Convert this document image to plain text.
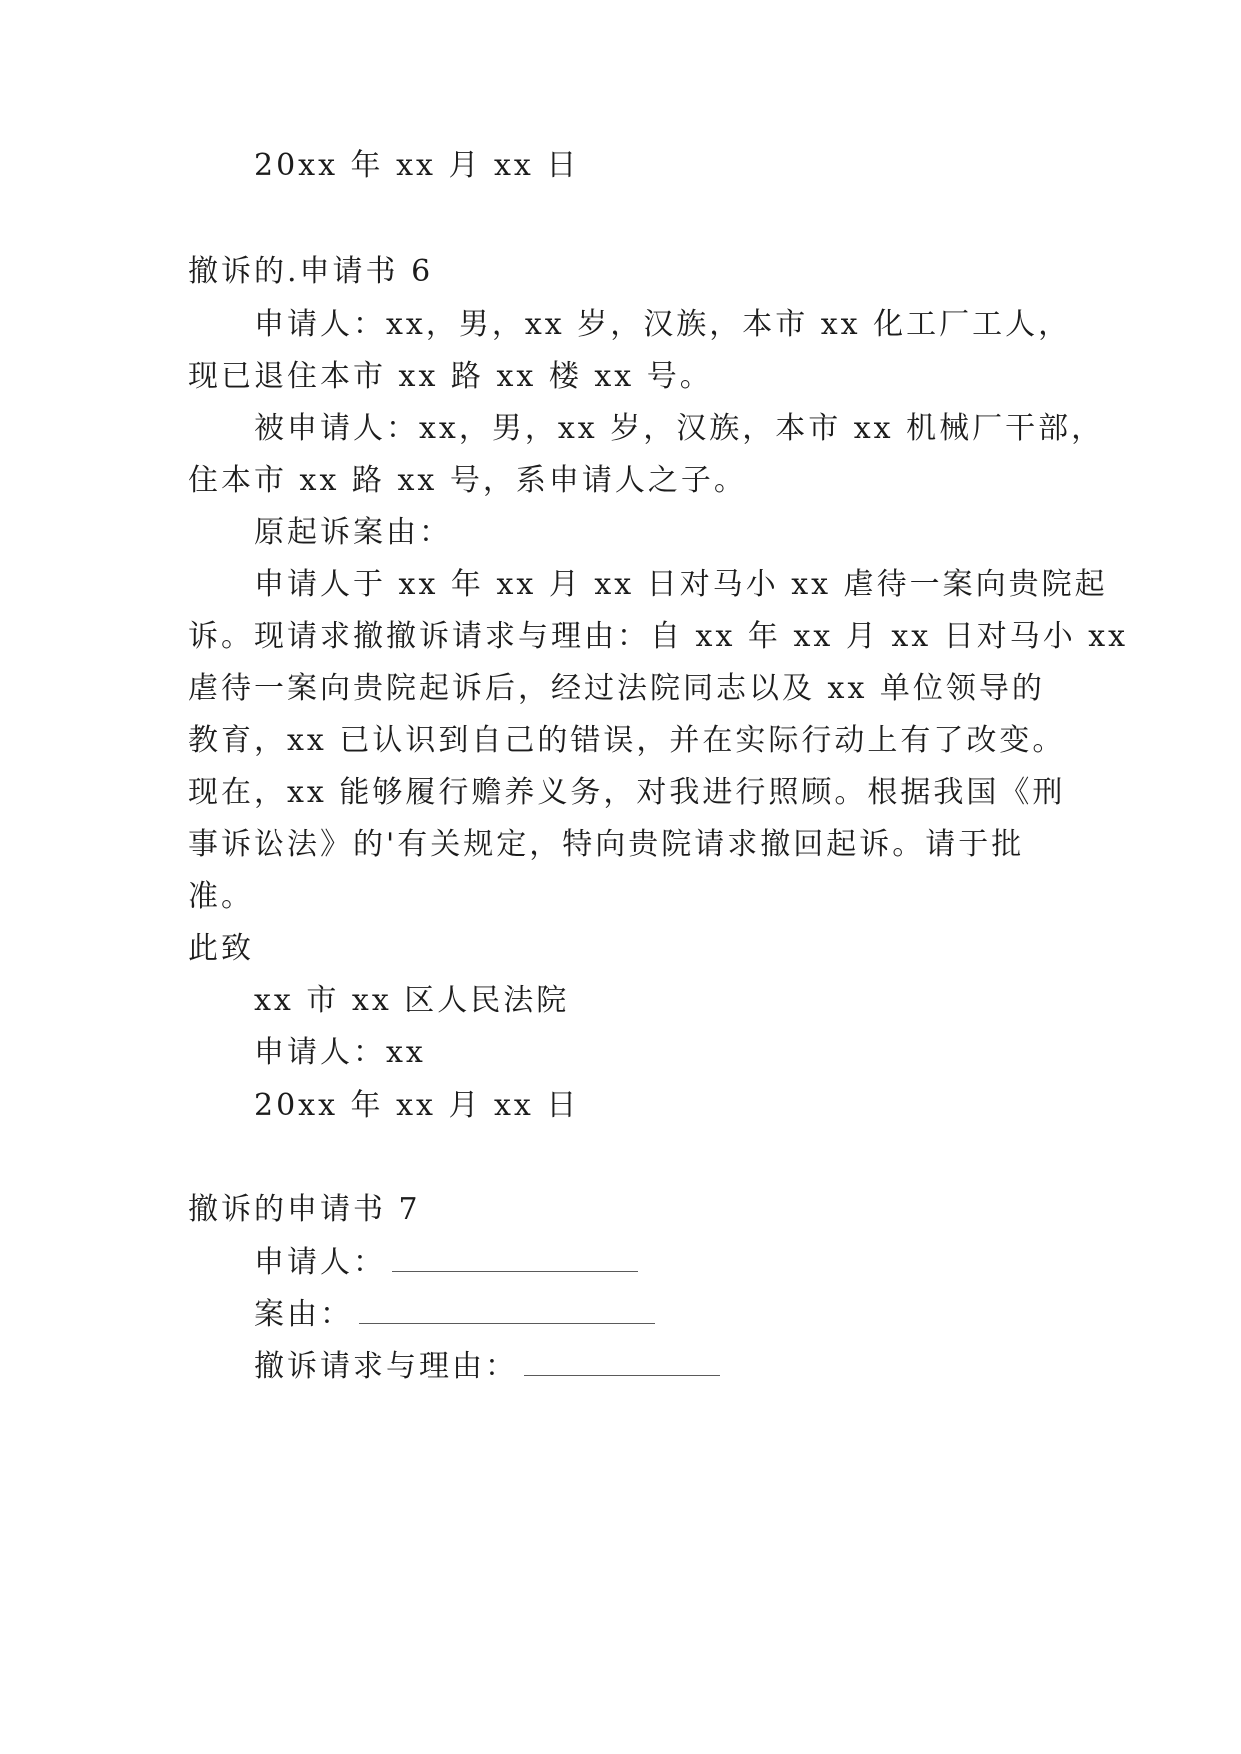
20xx 年 xx 月 xx 日
撤诉的.申请书 6
申请人：xx，男，xx 岁，汉族，本市 xx 化工厂工人，
现已退住本市 xx 路 xx 楼 xx 号。
被申请人：xx，男，xx 岁，汉族，本市 xx 机械厂干部，
住本市 xx 路 xx 号，系申请人之子。
原起诉案由：
申请人于 xx 年 xx 月 xx 日对马小 xx 虐待一案向贵院起
诉。现请求撤撤诉请求与理由：自 xx 年 xx 月 xx 日对马小 xx
虐待一案向贵院起诉后，经过法院同志以及 xx 单位领导的
教育，xx 已认识到自己的错误，并在实际行动上有了改变。
现在，xx 能够履行赡养义务，对我进行照顾。根据我国《刑
事诉讼法》的'有关规定，特向贵院请求撤回起诉。请于批
准。
此致
xx 市 xx 区人民法院
申请人：xx
20xx 年 xx 月 xx 日
撤诉的申请书 7
申请人：
案由：
撤诉请求与理由：
